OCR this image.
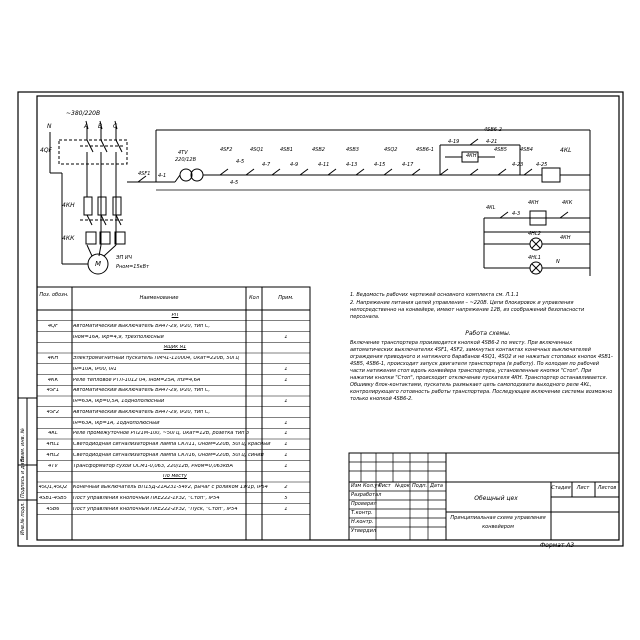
~380/220В
N	A B C
4QF
4КН
4КК
М
ЭП ИЧ
Рном=15кВт
4SF1 4-1
4ТV
220/12В
4-5
4SF2	4SQ1	4SB1	4SB2	4SB3	4SQ2	4SB6-1
4SB6-2
4КН
4SB5	4SB4	4КL
4-5	4-7	4-9	4-11	4-13	4-15	4-17
4-19	4-21
4-23	4-25
4КL
4-3
4КН	4КК
4НL2
4КН
4НL1
N
Поз. обозн.	Наименование	Кол	Прим.
РП
4QF	Автоматический выключатель ВА47-29, IP20, тип С,
Iном=16А, Iкр=4,9, трехполюсный	1
Ящик Я1
4КН	Электромагнитный пускатель ПМЧ1-110004, Uкат=220В, 50Гц
Iн=10А, IP00, Iн1	1
4КК	Реле тепловое РТЛ-1012 04, Iном=25А, Iпз=4,6А	1
4SF1	Автоматический выключатель ВА47-29, IP20, тип С,
Iн=63А, Iкр=0,5А, 1однополюсный	1
4SF2	Автоматический выключатель ВА47-29, IP20, тип С,
Iн=63А, Iкр=1А, 1однополюсный	1
4КL	Реле промежуточное РП21М-100, ~50Гц, Uкат=12В, розетка тип 3	1
4НL1	Светодиодная сигнализаторная лампа СКЛ11, Uном=220В, 50Гц, красный	1
4НL2	Светодиодная сигнализаторная лампа СКЛ16, Uном=220В, 50Гц, синий	1
4ТV	Трансформатор сухой ОСМ1-0,063, 220/12В, Рном=0,063кВА	1
По месту
4SQ1,4SQ2	Конечный выключатель ВП15Д-21А231-54У2, рычаг с роликом 1з/1р, IP54	2
4SB1-4SB5	Пост управления кнопочный ПКЕ222-1УЗ2, "Стоп", IP54	5
4SB6	Пост управления кнопочный ПКЕ222-2УЗ2, "Пуск, "Стоп", IP54	1
1. Ведомость рабочих чертежей основного комплекта см. Л.1.1
2. Напряжение питания цепей управления – ~220В. Цепи блокировок и управления непосредственно на конвейере, имеют напряжение 12В, из соображений безопасности персонала.
Работа схемы.
Включение транспортера производится кнопкой 4SB6-2 по месту. При включенных автоматических выключателях 4SF1, 4SF2, замкнутых контактах конечных выключателей ограждения приводного и натяжного барабанов 4SQ1, 4SQ2 и не нажатых стоповых кнопок 4SB1-4SB5, 4SB6-1, происходит запуск двигателя транспортера (в работу). По колодам по рабочей части натяжения стоп вдоль конвейера транспортера, установленные кнопки "Стоп". При нажатии кнопки "Стоп", происходит отключение пускателя 4КН. Транспортер останавливается. Обшивку блок-контактами, пускатель размыкает цепь самоподхвата выходного реле 4КL, контролирующего готовность работы транспортера. Последующее включение системы возможно только кнопкой 4SB6-2.
Обещный цех
Принципиальная схема управления конвейером
Стадия Лист Листов
Изм Кол.уч
Лист №док Подп. Дата
Разработал
Проверил
Т.контр.
Н.контр.
Утвердил
Формат А3
Инв.№ подл.
Подпись и дата
Взам. инв. №
